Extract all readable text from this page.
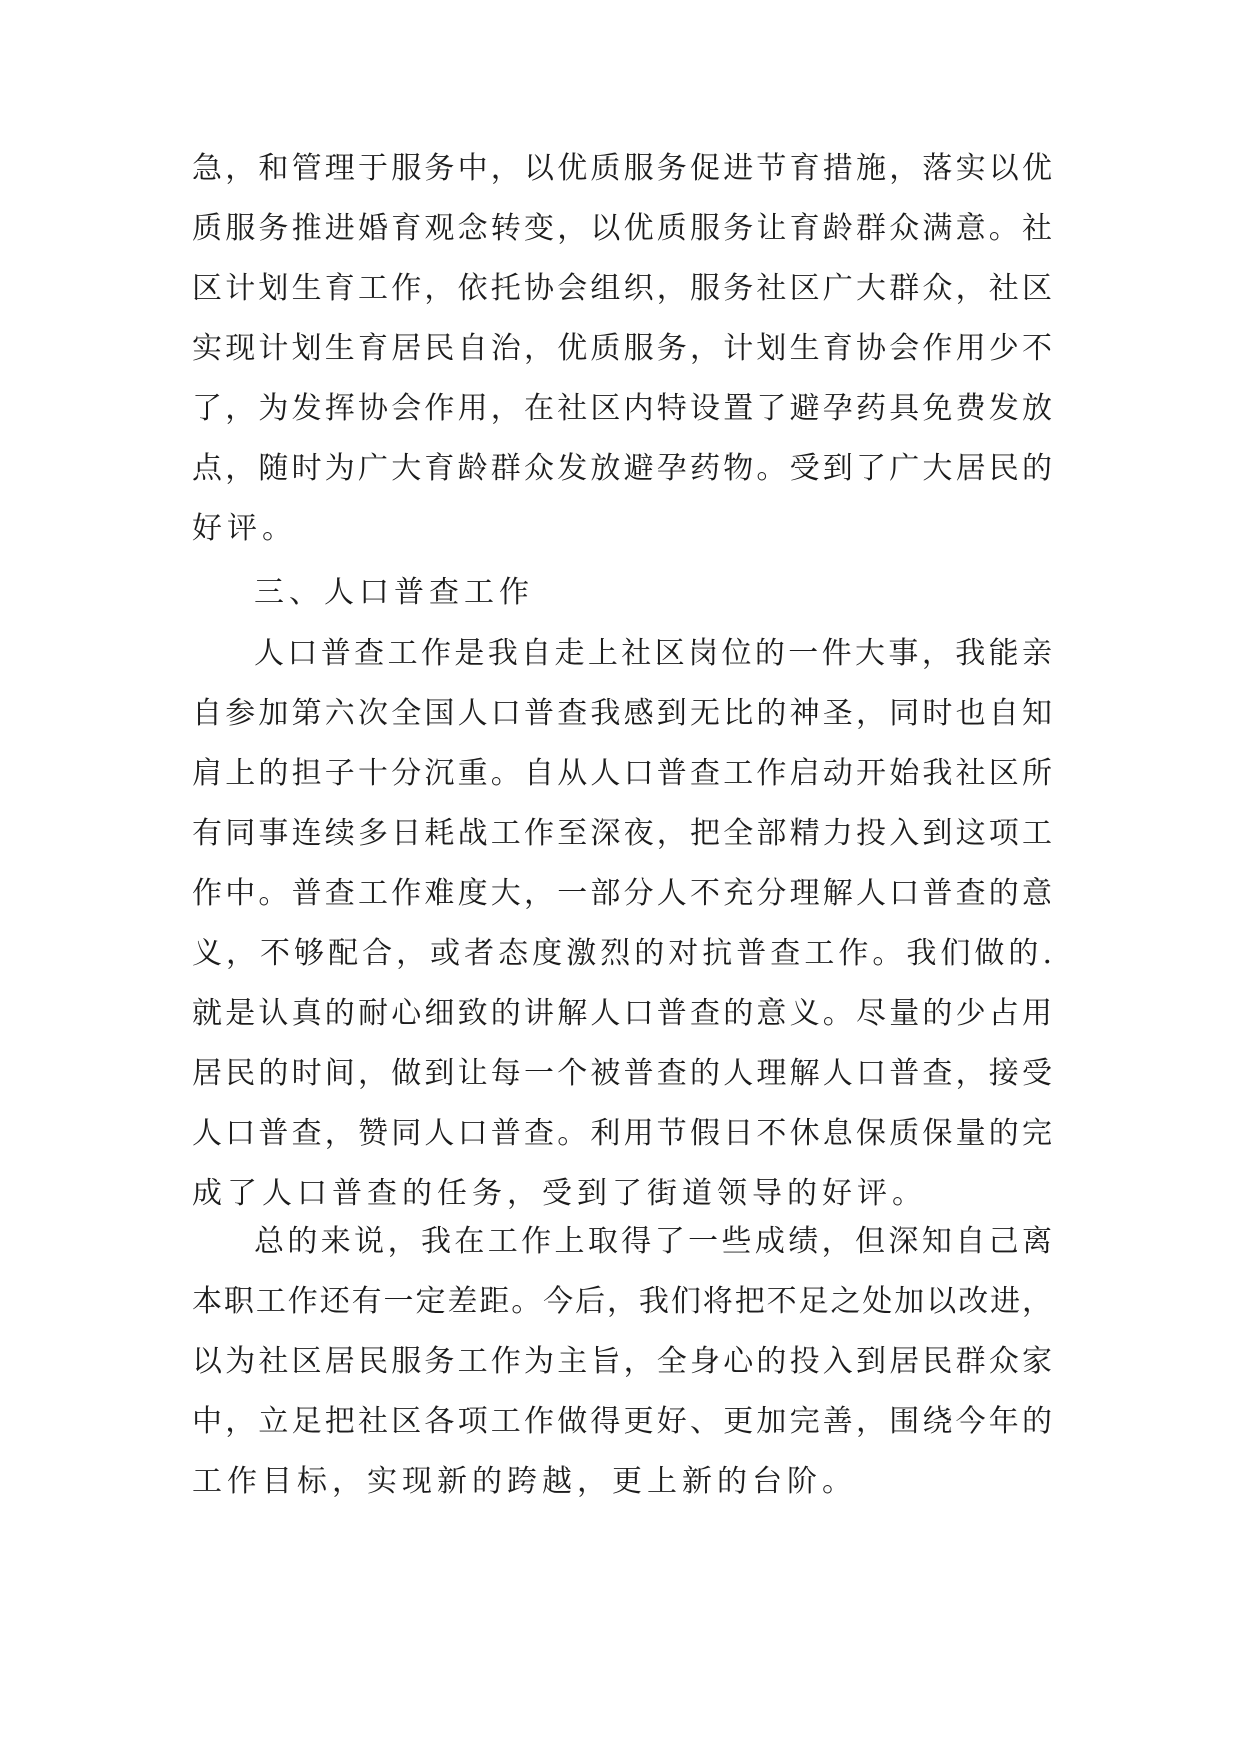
急，和管理于服务中，以优质服务促进节育措施，落实以优
质服务推进婚育观念转变，以优质服务让育龄群众满意。社
区计划生育工作，依托协会组织，服务社区广大群众，社区
实现计划生育居民自治，优质服务，计划生育协会作用少不
了，为发挥协会作用，在社区内特设置了避孕药具免费发放
点，随时为广大育龄群众发放避孕药物。受到了广大居民的
好评。
三、人口普查工作
人口普查工作是我自走上社区岗位的一件大事，我能亲
自参加第六次全国人口普查我感到无比的神圣，同时也自知
肩上的担子十分沉重。自从人口普查工作启动开始我社区所
有同事连续多日耗战工作至深夜，把全部精力投入到这项工
作中。普查工作难度大，一部分人不充分理解人口普查的意
义，不够配合，或者态度激烈的对抗普查工作。我们做的.
就是认真的耐心细致的讲解人口普查的意义。尽量的少占用
居民的时间，做到让每一个被普查的人理解人口普查，接受
人口普查，赞同人口普查。利用节假日不休息保质保量的完
成了人口普查的任务，受到了街道领导的好评。
总的来说，我在工作上取得了一些成绩，但深知自己离
本职工作还有一定差距。今后，我们将把不足之处加以改进，
以为社区居民服务工作为主旨，全身心的投入到居民群众家
中，立足把社区各项工作做得更好、更加完善，围绕今年的
工作目标，实现新的跨越，更上新的台阶。
